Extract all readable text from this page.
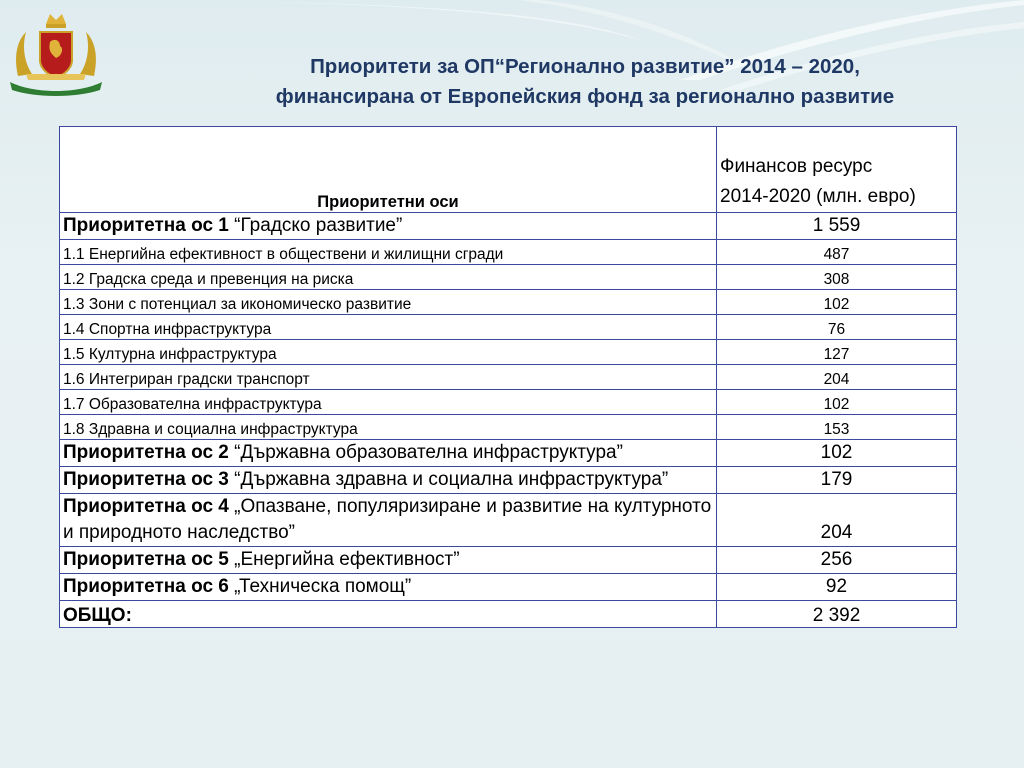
Приоритети за ОП“Регионално развитие” 2014 – 2020,
финансирана от Европейския фонд за регионално развитие
Приоритетни оси	Финансов ресурс
2014-2020 (млн. евро)
Приоритетна ос 1 “Градско развитие”	1 559
1.1 Енергийна ефективност в обществени и жилищни сгради	487
1.2 Градска среда и превенция на риска	308
1.3 Зони с потенциал за икономическо развитие	102
1.4 Спортна инфраструктура	76
1.5 Културна инфраструктура	127
1.6 Интегриран градски транспорт	204
1.7 Образователна инфраструктура	102
1.8 Здравна и социална инфраструктура	153
Приоритетна ос 2 “Държавна образователна инфраструктура”	102
Приоритетна ос 3 “Държавна здравна и социална инфраструктура”	179
Приоритетна ос 4 „Опазване, популяризиране и развитие на културното и природното наследство”	204
Приоритетна ос 5 „Енергийна ефективност”	256
Приоритетна ос 6 „Техническа помощ”	92
ОБЩО:	2 392
